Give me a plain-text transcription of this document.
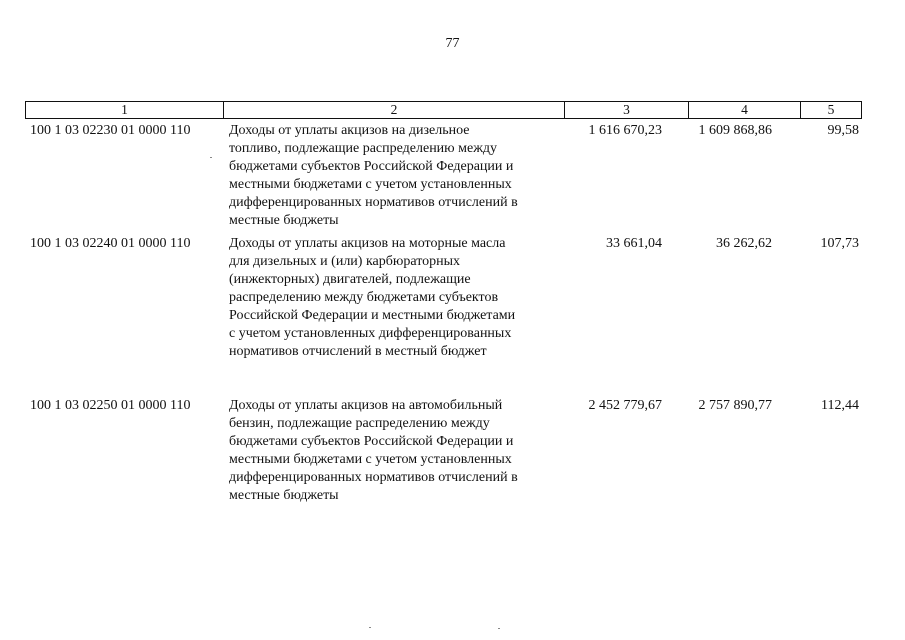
77
1	2	3	4	5
100 1 03 02230 01 0000 110	Доходы от уплаты акцизов на дизельное
топливо, подлежащие распределению между
бюджетами субъектов Российской Федерации и
местными бюджетами с учетом установленных
дифференцированных нормативов отчислений в
местные бюджеты
1 616 670,23	1 609 868,86	99,58
100 1 03 02240 01 0000 110	Доходы от уплаты акцизов на моторные масла
для дизельных и (или) карбюраторных
(инжекторных) двигателей, подлежащие
распределению между бюджетами субъектов
Российской Федерации и местными бюджетами
с учетом установленных дифференцированных
нормативов отчислений в местный бюджет
33 661,04	36 262,62	107,73
100 1 03 02250 01 0000 110	Доходы от уплаты акцизов на автомобильный
бензин, подлежащие распределению между
бюджетами субъектов Российской Федерации и
местными бюджетами с учетом установленных
дифференцированных нормативов отчислений в
местные бюджеты
2 452 779,67	2 757 890,77	112,44
